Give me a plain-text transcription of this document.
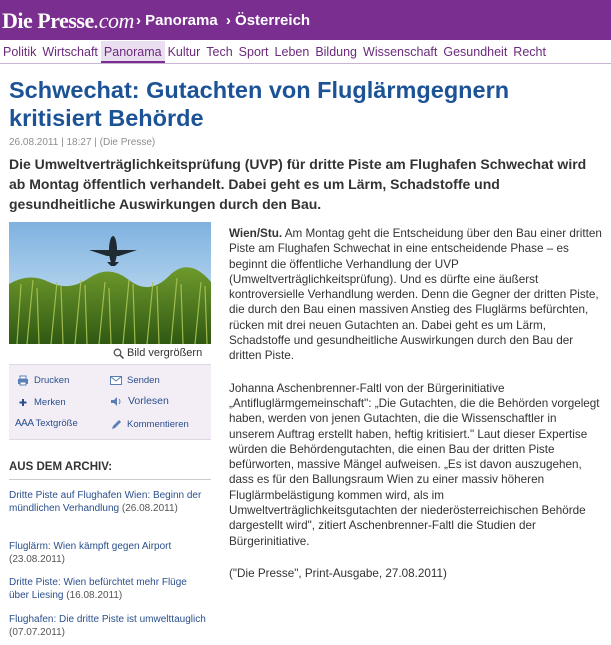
Die Presse.com › Panorama › Österreich
Politik Wirtschaft Panorama Kultur Tech Sport Leben Bildung Wissenschaft Gesundheit Recht
Schwechat: Gutachten von Fluglärmgegnern kritisiert Behörde
26.08.2011 | 18:27 | (Die Presse)
Die Umweltverträglichkeitsprüfung (UVP) für dritte Piste am Flughafen Schwechat wird ab Montag öffentlich verhandelt. Dabei geht es um Lärm, Schadstoffe und gesundheitliche Auswirkungen durch den Bau.
Bild vergrößern
Drucken	Senden
Merken	Vorlesen
AAA Textgröße	Kommentieren
AUS DEM ARCHIV:
Dritte Piste auf Flughafen Wien: Beginn der mündlichen Verhandlung (26.08.2011)
Fluglärm: Wien kämpft gegen Airport
(23.08.2011)
Dritte Piste: Wien befürchtet mehr Flüge über Liesing (16.08.2011)
Flughafen: Die dritte Piste ist umwelttauglich (07.07.2011)

Wien/Stu. Am Montag geht die Entscheidung über den Bau einer dritten Piste am Flughafen Schwechat in eine entscheidende Phase – es beginnt die öffentliche Verhandlung der UVP (Umweltverträglichkeitsprüfung). Und es dürfte eine äußerst kontroversielle Verhandlung werden. Denn die Gegner der dritten Piste, die durch den Bau einen massiven Anstieg des Fluglärms befürchten, rücken mit drei neuen Gutachten an. Dabei geht es um Lärm, Schadstoffe und gesundheitliche Auswirkungen durch den Bau der dritten Piste.

Johanna Aschenbrenner-Faltl von der Bürgerinitiative „Antifluglärmgemeinschaft": „Die Gutachten, die die Behörden vorgelegt haben, werden von jenen Gutachten, die die Wissenschaftler in unserem Auftrag erstellt haben, heftig kritisiert." Laut dieser Expertise würden die Behördengutachten, die einen Bau der dritten Piste befürworten, massive Mängel aufweisen. „Es ist davon auszugehen, dass es für den Ballungsraum Wien zu einer massiv höheren Fluglärmbelästigung kommen wird, als im Umweltverträglichkeitsgutachten der niederösterreichischen Behörde dargestellt wird", zitiert Aschenbrenner-Faltl die Studien der Bürgerinitiative.

("Die Presse", Print-Ausgabe, 27.08.2011)
